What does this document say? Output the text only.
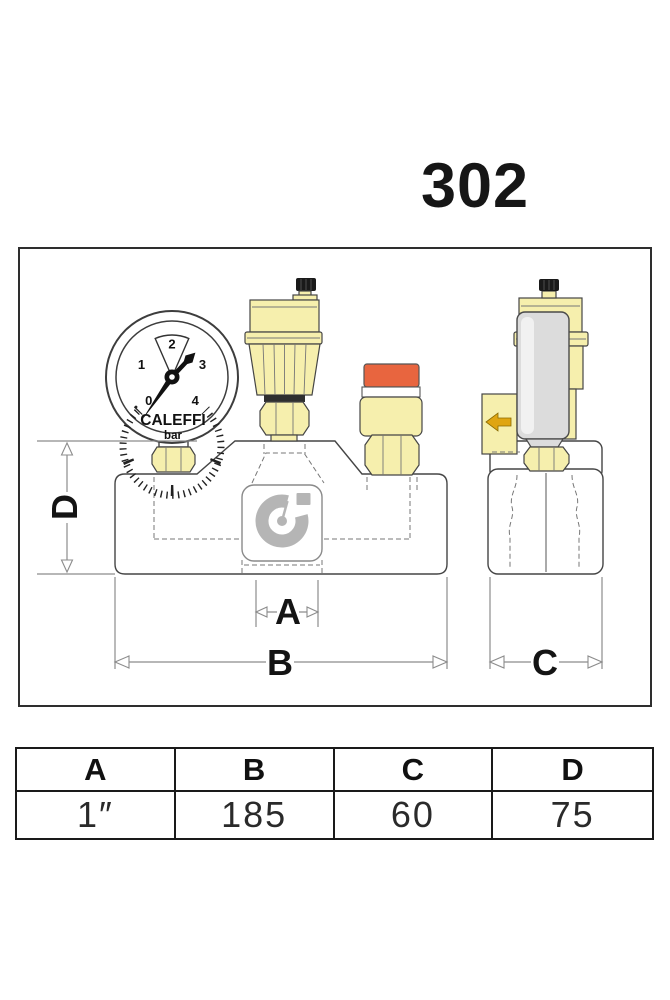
302
0
1
2
3
4
CALEFFI
bar
D
A
B	C
A	B	C	D
1″	185	60	75
